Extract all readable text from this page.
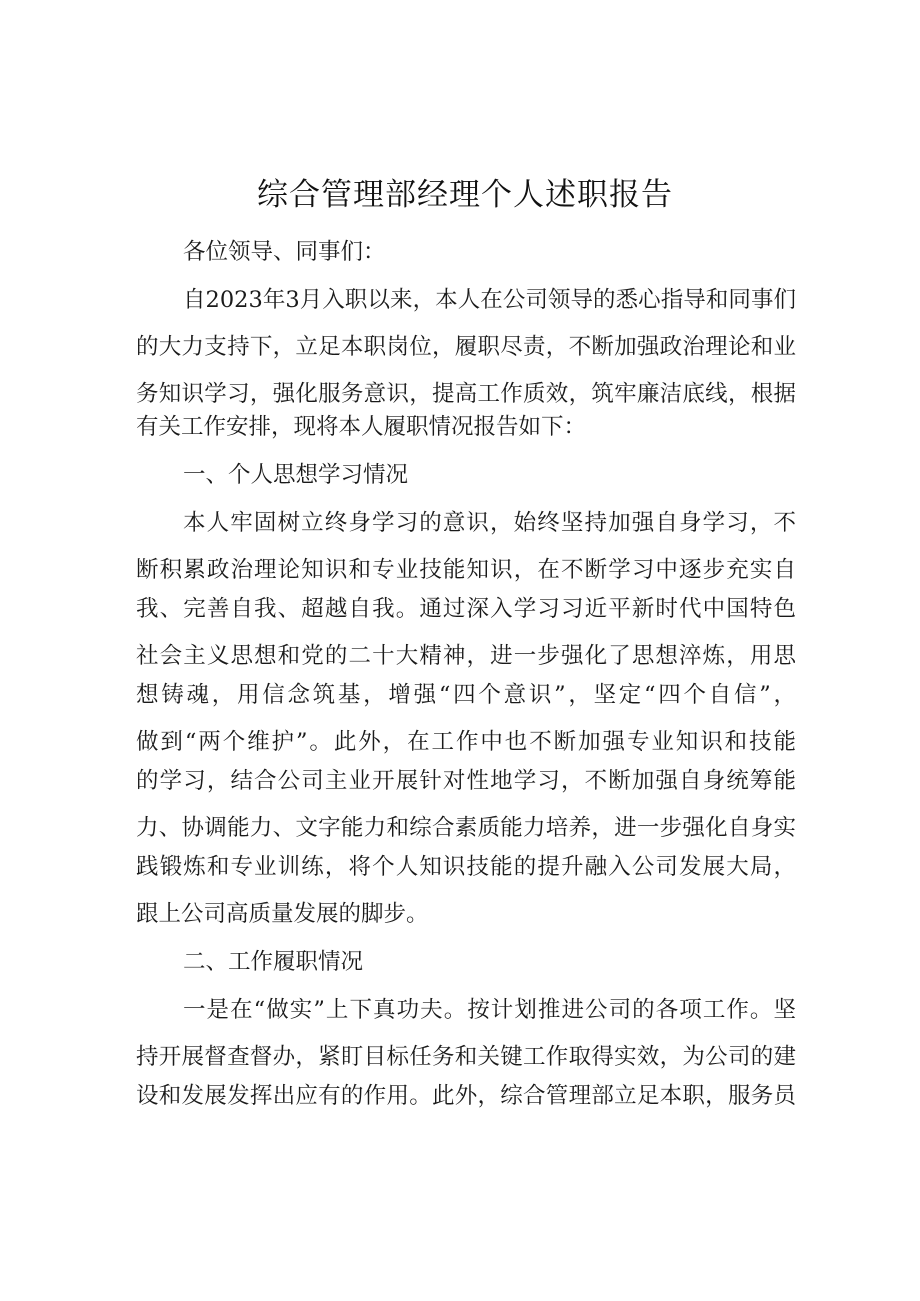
综合管理部经理个人述职报告
各位领导、同事们：
自2023年3月入职以来，本人在公司领导的悉心指导和同事们
的大力支持下，立足本职岗位，履职尽责，不断加强政治理论和业
务知识学习，强化服务意识，提高工作质效，筑牢廉洁底线，根据
有关工作安排，现将本人履职情况报告如下：
一、个人思想学习情况
本人牢固树立终身学习的意识，始终坚持加强自身学习，不
断积累政治理论知识和专业技能知识，在不断学习中逐步充实自
我、完善自我、超越自我。通过深入学习习近平新时代中国特色
社会主义思想和党的二十大精神，进一步强化了思想淬炼，用思
想铸魂，用信念筑基，增强“四个意识”，坚定“四个自信”，
做到“两个维护”。此外，在工作中也不断加强专业知识和技能
的学习，结合公司主业开展针对性地学习，不断加强自身统筹能
力、协调能力、文字能力和综合素质能力培养，进一步强化自身实
践锻炼和专业训练，将个人知识技能的提升融入公司发展大局，
跟上公司高质量发展的脚步。
二、工作履职情况
一是在“做实”上下真功夫。按计划推进公司的各项工作。坚
持开展督查督办，紧盯目标任务和关键工作取得实效，为公司的建
设和发展发挥出应有的作用。此外，综合管理部立足本职，服务员
